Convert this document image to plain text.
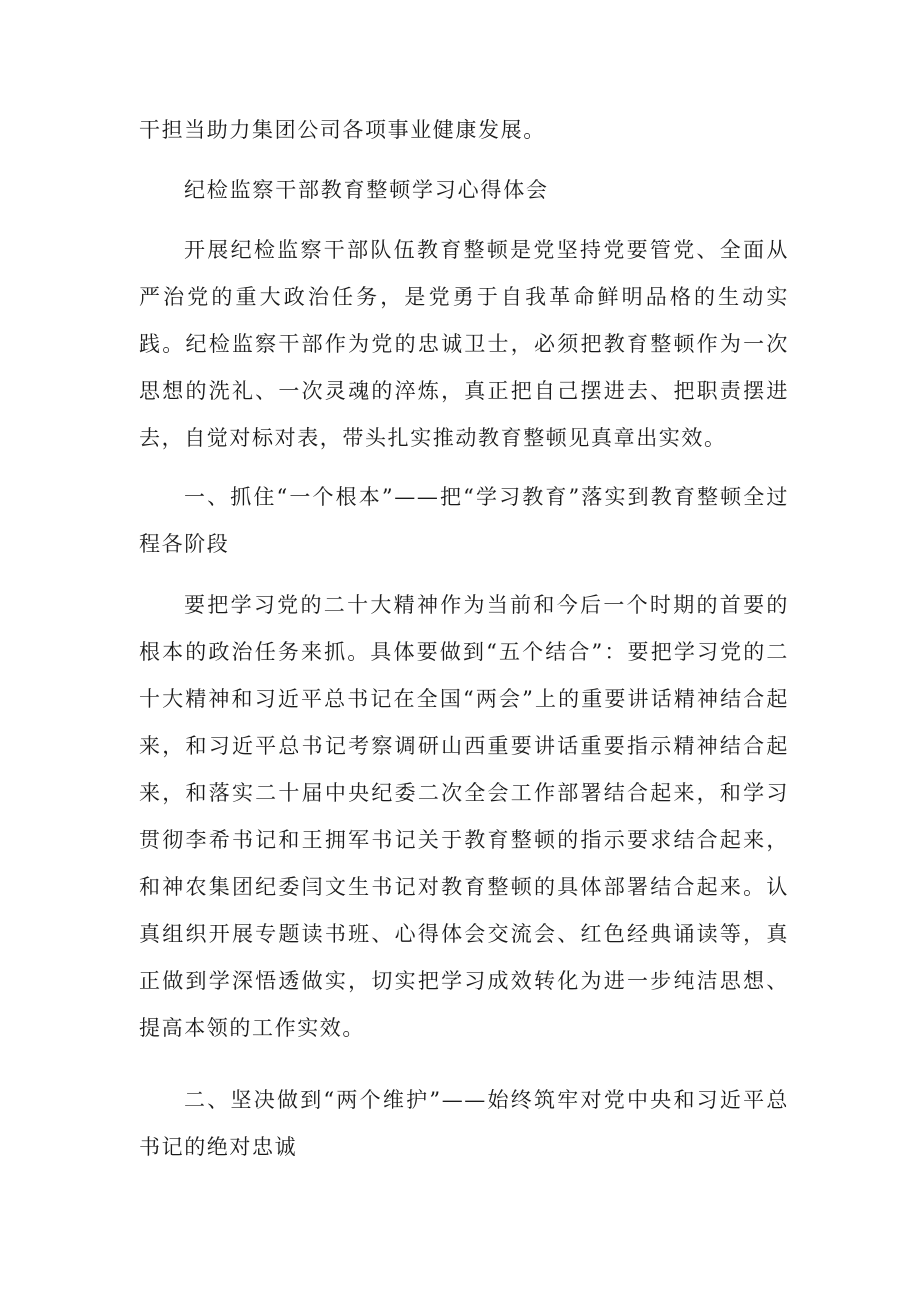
干担当助力集团公司各项事业健康发展。

纪检监察干部教育整顿学习心得体会

开展纪检监察干部队伍教育整顿是党坚持党要管党、全面从严治党的重大政治任务，是党勇于自我革命鲜明品格的生动实践。纪检监察干部作为党的忠诚卫士，必须把教育整顿作为一次思想的洗礼、一次灵魂的淬炼，真正把自己摆进去、把职责摆进去，自觉对标对表，带头扎实推动教育整顿见真章出实效。

一、抓住“一个根本”——把“学习教育”落实到教育整顿全过程各阶段

要把学习党的二十大精神作为当前和今后一个时期的首要的根本的政治任务来抓。具体要做到“五个结合”：要把学习党的二十大精神和习近平总书记在全国“两会”上的重要讲话精神结合起来，和习近平总书记考察调研山西重要讲话重要指示精神结合起来，和落实二十届中央纪委二次全会工作部署结合起来，和学习贯彻李希书记和王拥军书记关于教育整顿的指示要求结合起来，和神农集团纪委闫文生书记对教育整顿的具体部署结合起来。认真组织开展专题读书班、心得体会交流会、红色经典诵读等，真正做到学深悟透做实，切实把学习成效转化为进一步纯洁思想、提高本领的工作实效。

二、坚决做到“两个维护”——始终筑牢对党中央和习近平总书记的绝对忠诚
